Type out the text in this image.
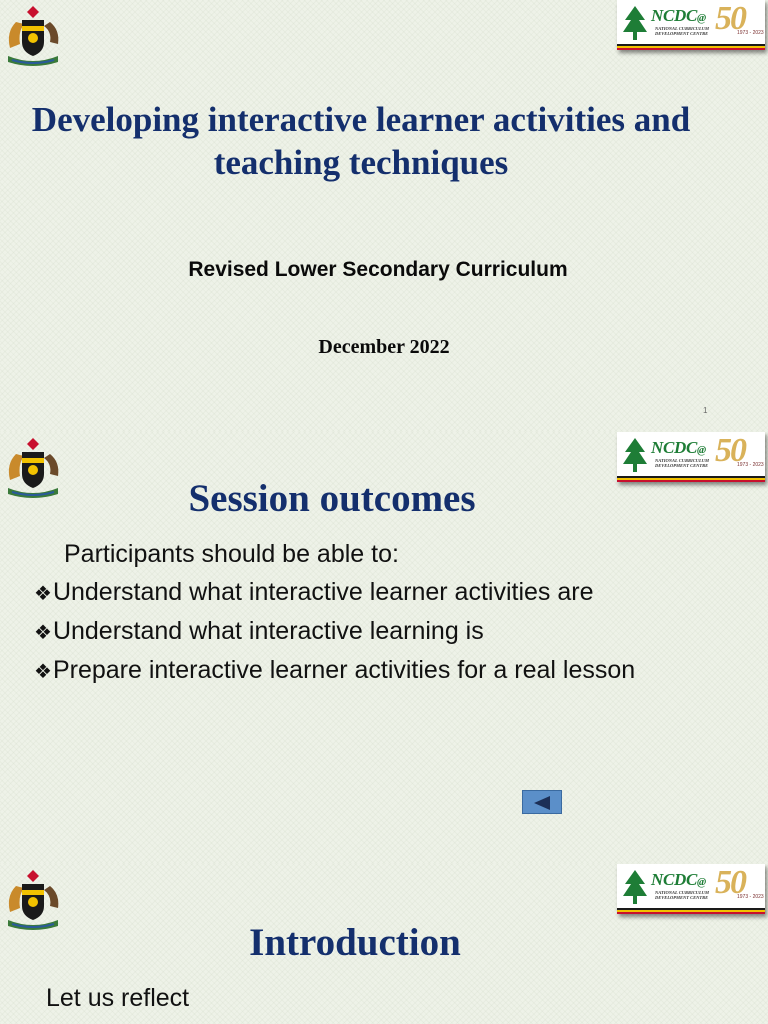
NCDC@
NATIONAL CURRICULUM
DEVELOPMENT CENTRE 50
1973 - 2023
Developing interactive learner activities and teaching techniques
Revised Lower Secondary Curriculum
December 2022
1
NCDC@
NATIONAL CURRICULUM
DEVELOPMENT CENTRE 50
1973 - 2023
Session outcomes
Participants should be able to:
❖Understand what interactive learner activities are
❖Understand what interactive learning is
❖Prepare interactive learner activities for a real lesson
NCDC@
NATIONAL CURRICULUM
DEVELOPMENT CENTRE 50
1973 - 2023
Introduction
Let us reflect
